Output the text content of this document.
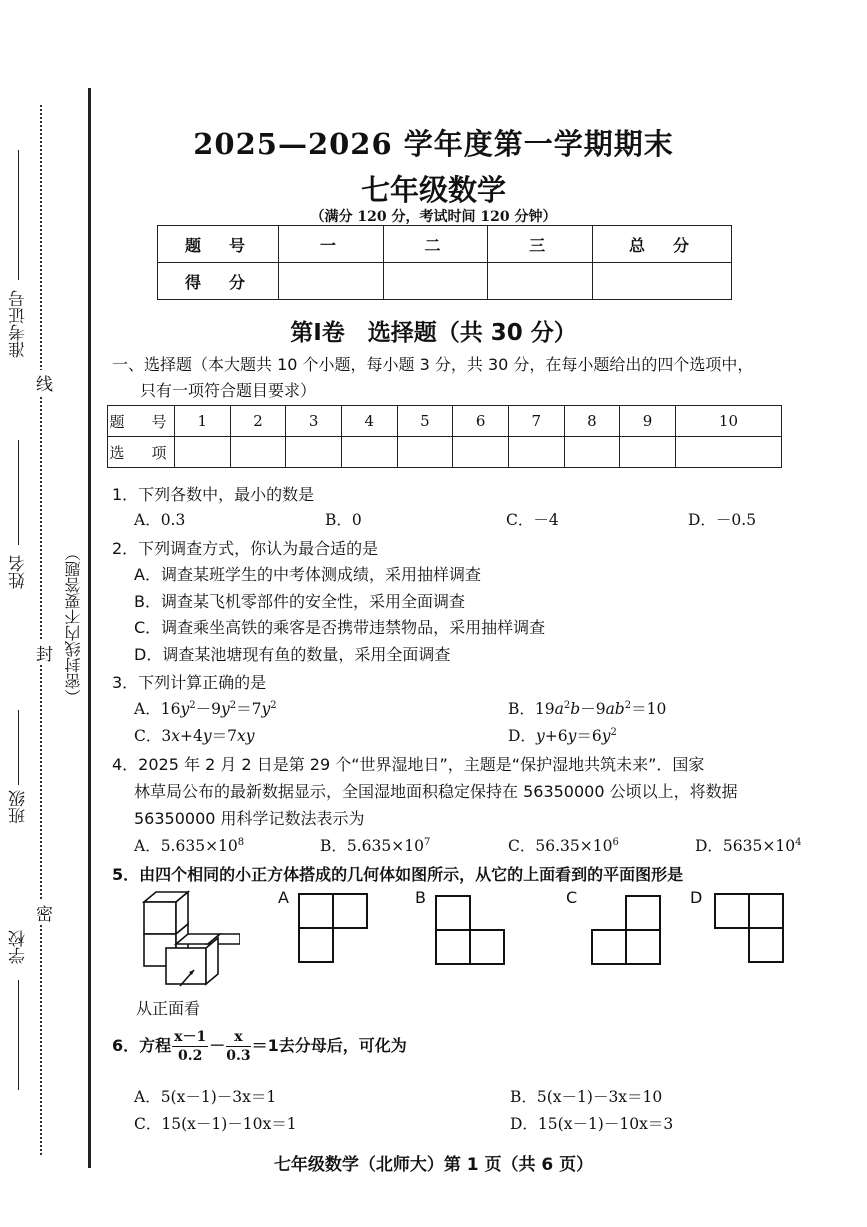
准考证号
姓名
班级
学校
线
封
密
（密封线内不要答题）
2025—2026 学年度第一学期期末
七年级数学
（满分 120 分，考试时间 120 分钟）
题　号	一	二	三	总　分
得　分				
第Ⅰ卷　选择题（共 30 分）
一、选择题（本大题共 10 个小题，每小题 3 分，共 30 分，在每小题给出的四个选项中，
只有一项符合题目要求）
题　号	1	2	3	4	5	6	7	8	9	10
选　项										
1．下列各数中，最小的数是
A．0.3	B．0	C．－4	D．－0.5
2．下列调查方式，你认为最合适的是
A．调查某班学生的中考体测成绩，采用抽样调查
B．调查某飞机零部件的安全性，采用全面调查
C．调查乘坐高铁的乘客是否携带违禁物品，采用抽样调查
D．调查某池塘现有鱼的数量，采用全面调查
3．下列计算正确的是
A．$16y^2-9y^2=7y^2$	B．$19a^2b-9ab^2=10$
C．3x+4y＝7xy	D．$y+6y=6y^2$
4．2025 年 2 月 2 日是第 29 个“世界湿地日”，主题是“保护湿地共筑未来”．国家
林草局公布的最新数据显示，全国湿地面积稳定保持在 56350000 公顷以上，将数据
56350000 用科学记数法表示为
A．$5.635\times 10^8$	B．$5.635\times 10^7$	C．$56.35\times 10^6$	D．$5635\times 10^4$
5．由四个相同的小正方体搭成的几何体如图所示，从它的上面看到的平面图形是
从正面看
A	B	C	D
6．方程 $\frac{x-1}{0.2} - \frac{x}{0.3} =1$去分母后，可化为
A．5(x－1)－3x＝1	B．5(x－1)－3x＝10
C．15(x－1)－10x＝1	D．15(x－1)－10x＝3
七年级数学（北师大）第 1 页（共 6 页）
